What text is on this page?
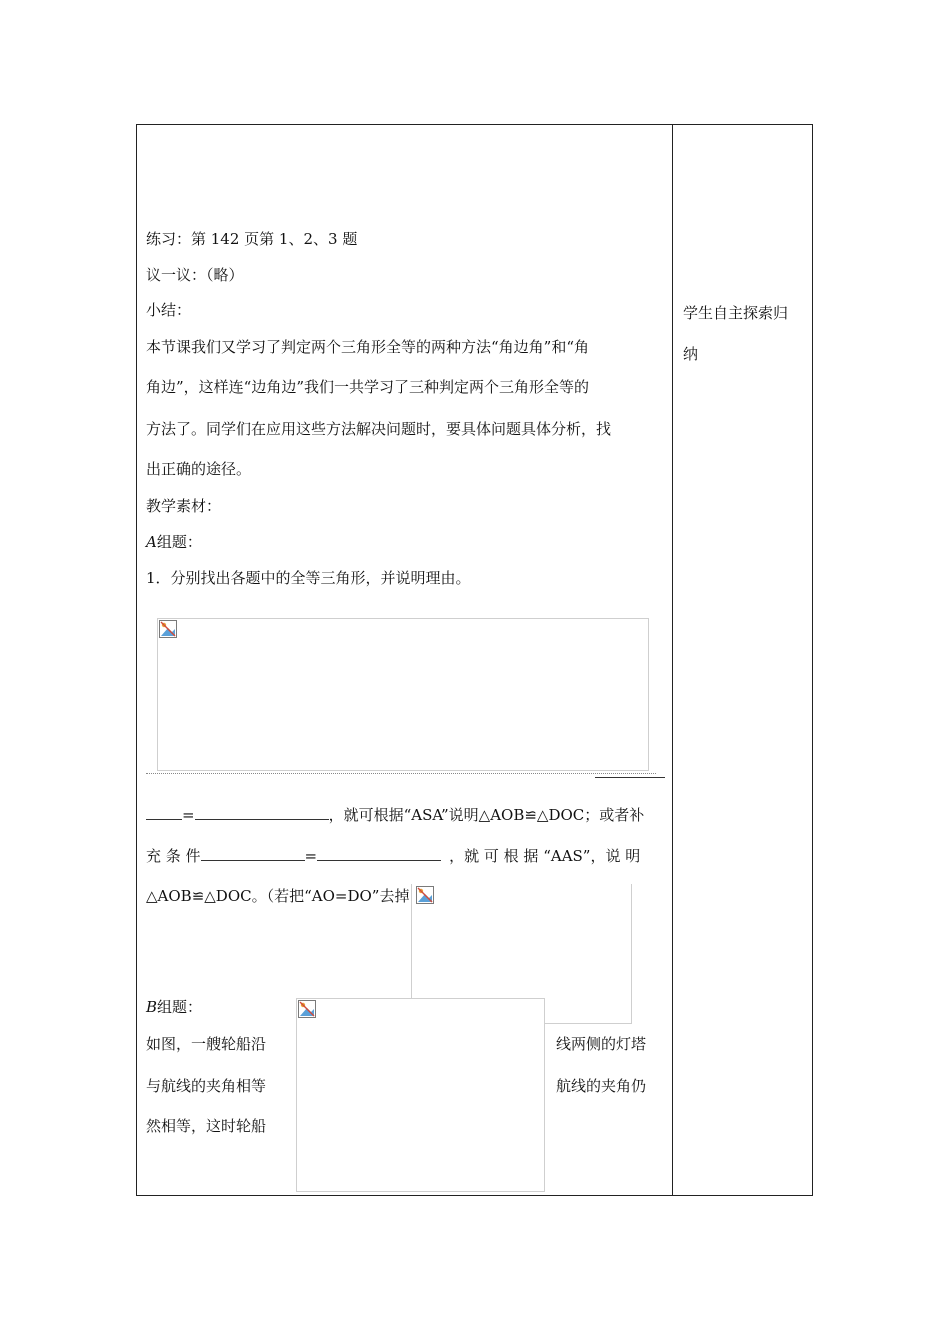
练习：第 142 页第 1、2、3 题
议一议：（略）
小结：
本节课我们又学习了判定两个三角形全等的两种方法“角边角”和“角
角边”，这样连“边角边”我们一共学习了三种判定两个三角形全等的
方法了。同学们在应用这些方法解决问题时，要具体问题具体分析，找
出正确的途径。
教学素材：
A组题：
1．分别找出各题中的全等三角形，并说明理由。
=	，就可根据“ASA”说明△AOB≌△DOC；或者补
充 条 件	=	，就 可 根 据 “AAS”，说 明
△AOB≌△DOC。（若把“AO=DO”去掉
B组题：
如图，一艘轮船沿	线两侧的灯塔
与航线的夹角相等	航线的夹角仍
然相等，这时轮船
学生自主探索归
纳
